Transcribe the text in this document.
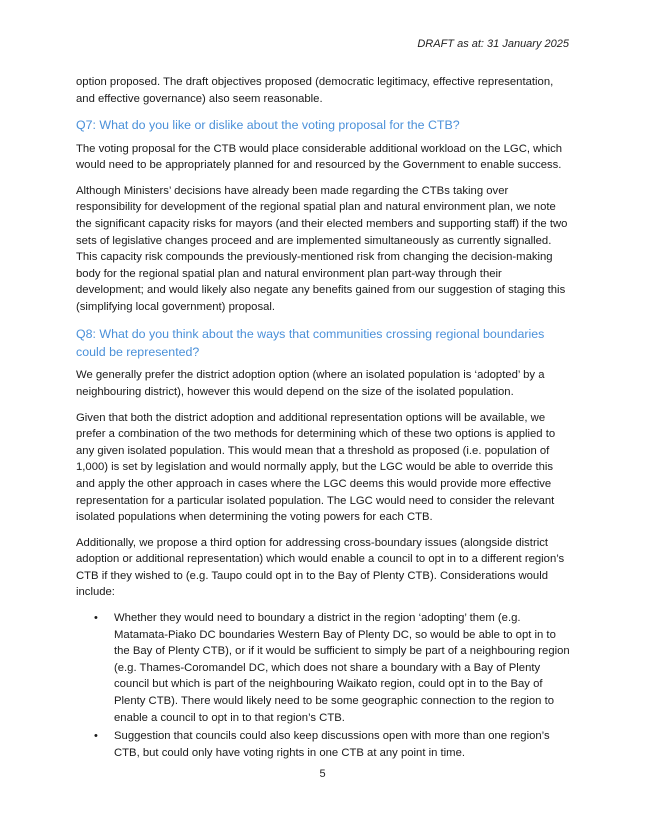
DRAFT as at: 31 January 2025

option proposed. The draft objectives proposed (democratic legitimacy, effective representation, and effective governance) also seem reasonable.

Q7: What do you like or dislike about the voting proposal for the CTB?

The voting proposal for the CTB would place considerable additional workload on the LGC, which would need to be appropriately planned for and resourced by the Government to enable success.

Although Ministers’ decisions have already been made regarding the CTBs taking over responsibility for development of the regional spatial plan and natural environment plan, we note the significant capacity risks for mayors (and their elected members and supporting staff) if the two sets of legislative changes proceed and are implemented simultaneously as currently signalled. This capacity risk compounds the previously-mentioned risk from changing the decision-making body for the regional spatial plan and natural environment plan part-way through their development; and would likely also negate any benefits gained from our suggestion of staging this (simplifying local government) proposal.

Q8: What do you think about the ways that communities crossing regional boundaries could be represented?

We generally prefer the district adoption option (where an isolated population is ‘adopted’ by a neighbouring district), however this would depend on the size of the isolated population.

Given that both the district adoption and additional representation options will be available, we prefer a combination of the two methods for determining which of these two options is applied to any given isolated population. This would mean that a threshold as proposed (i.e. population of 1,000) is set by legislation and would normally apply, but the LGC would be able to override this and apply the other approach in cases where the LGC deems this would provide more effective representation for a particular isolated population. The LGC would need to consider the relevant isolated populations when determining the voting powers for each CTB.

Additionally, we propose a third option for addressing cross-boundary issues (alongside district adoption or additional representation) which would enable a council to opt in to a different region’s CTB if they wished to (e.g. Taupo could opt in to the Bay of Plenty CTB). Considerations would include:

• Whether they would need to boundary a district in the region ‘adopting’ them (e.g. Matamata-Piako DC boundaries Western Bay of Plenty DC, so would be able to opt in to the Bay of Plenty CTB), or if it would be sufficient to simply be part of a neighbouring region (e.g. Thames-Coromandel DC, which does not share a boundary with a Bay of Plenty council but which is part of the neighbouring Waikato region, could opt in to the Bay of Plenty CTB). There would likely need to be some geographic connection to the region to enable a council to opt in to that region’s CTB.
• Suggestion that councils could also keep discussions open with more than one region’s CTB, but could only have voting rights in one CTB at any point in time.
5
